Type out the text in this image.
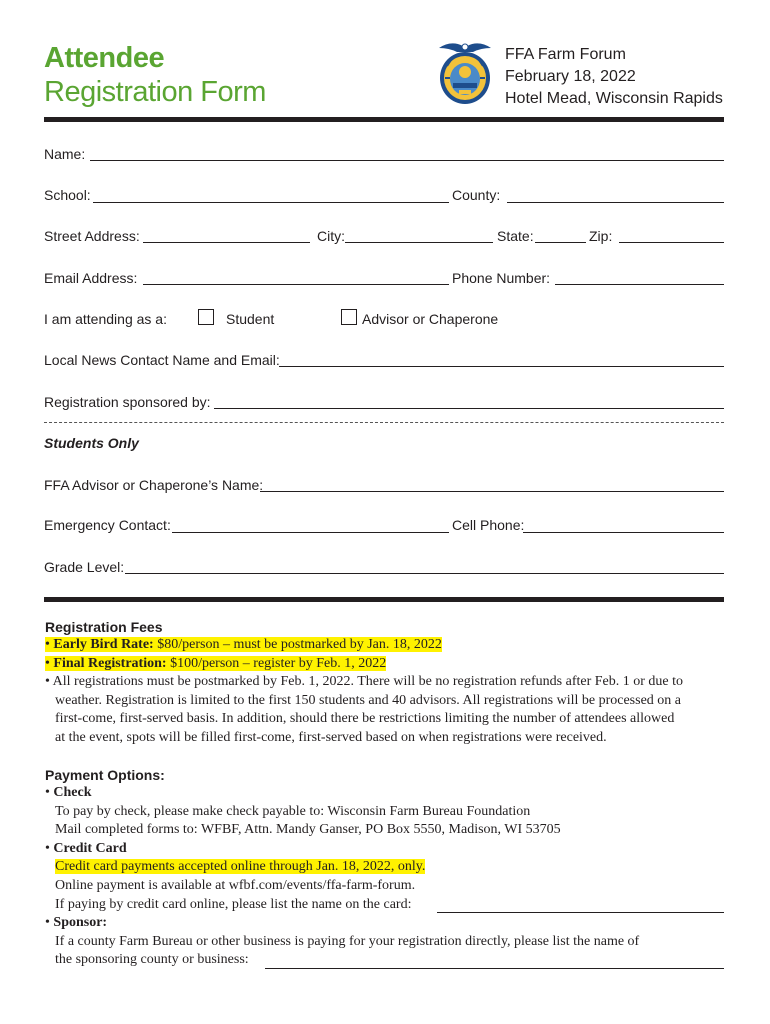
Attendee
Registration Form
FFA Farm Forum
February 18, 2022
Hotel Mead, Wisconsin Rapids
Name:
School:	County:
Street Address:	City:	State:	Zip:
Email Address:	Phone Number:
I am attending as a:	Student	Advisor or Chaperone
Local News Contact Name and Email:
Registration sponsored by:
Students Only
FFA Advisor or Chaperone’s Name:
Emergency Contact:	Cell Phone:
Grade Level:
Registration Fees
• Early Bird Rate: $80/person – must be postmarked by Jan. 18, 2022
• Final Registration: $100/person – register by Feb. 1, 2022
• All registrations must be postmarked by Feb. 1, 2022. There will be no registration refunds after Feb. 1 or due to
weather. Registration is limited to the first 150 students and 40 advisors. All registrations will be processed on a
first-come, first-served basis. In addition, should there be restrictions limiting the number of attendees allowed
at the event, spots will be filled first-come, first-served based on when registrations were received.
Payment Options:
• Check
To pay by check, please make check payable to: Wisconsin Farm Bureau Foundation
Mail completed forms to: WFBF, Attn. Mandy Ganser, PO Box 5550, Madison, WI 53705
• Credit Card
Credit card payments accepted online through Jan. 18, 2022, only.
Online payment is available at wfbf.com/events/ffa-farm-forum.
If paying by credit card online, please list the name on the card:
• Sponsor:
If a county Farm Bureau or other business is paying for your registration directly, please list the name of
the sponsoring county or business:
